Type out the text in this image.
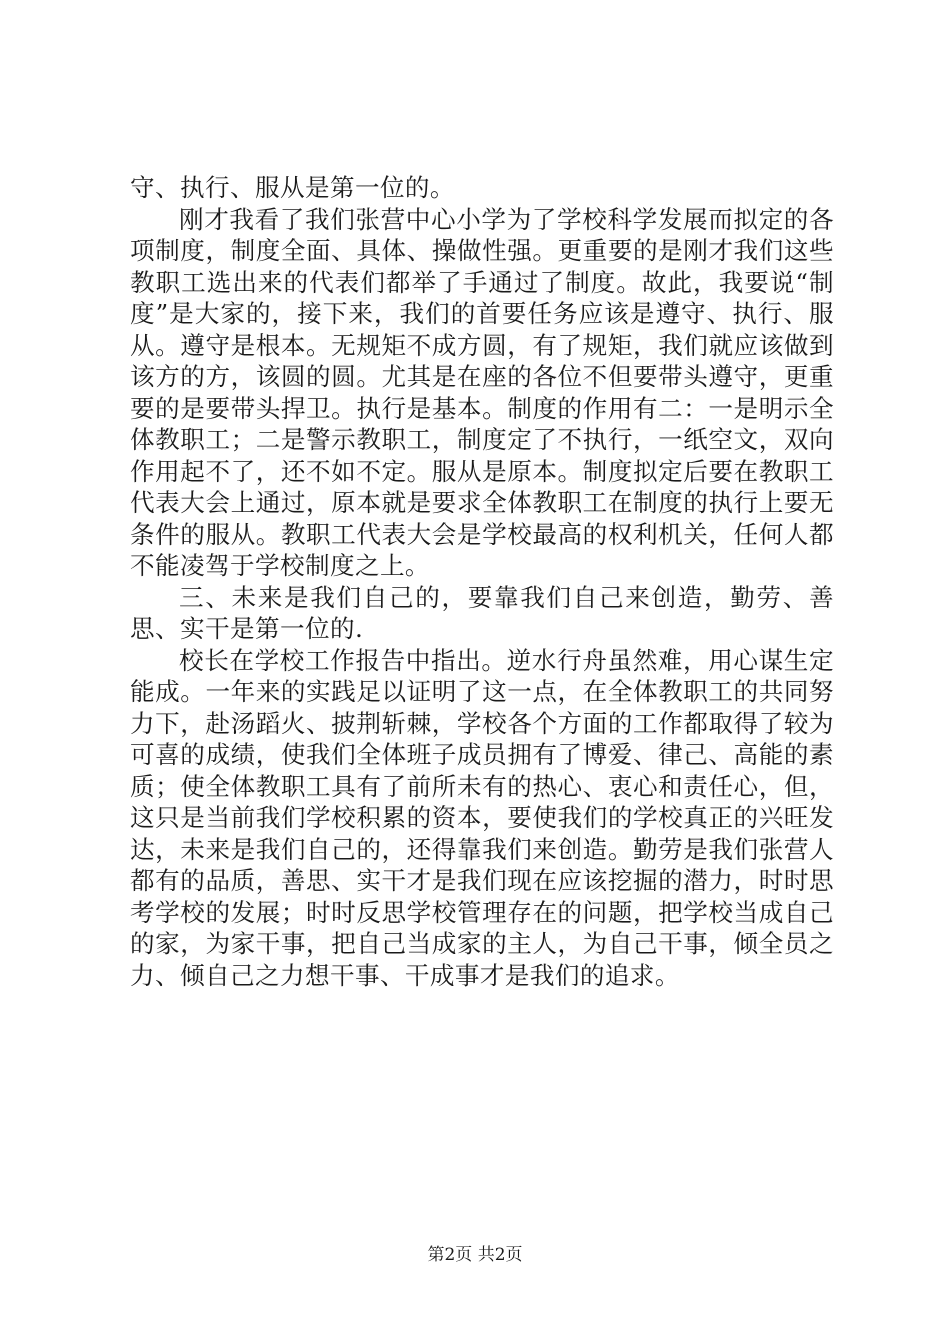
守、执行、服从是第一位的。

刚才我看了我们张营中心小学为了学校科学发展而拟定的各项制度，制度全面、具体、操做性强。更重要的是刚才我们这些教职工选出来的代表们都举了手通过了制度。故此，我要说“制度”是大家的，接下来，我们的首要任务应该是遵守、执行、服从。遵守是根本。无规矩不成方圆，有了规矩，我们就应该做到该方的方，该圆的圆。尤其是在座的各位不但要带头遵守，更重要的是要带头捍卫。执行是基本。制度的作用有二：一是明示全体教职工；二是警示教职工，制度定了不执行，一纸空文，双向作用起不了，还不如不定。服从是原本。制度拟定后要在教职工代表大会上通过，原本就是要求全体教职工在制度的执行上要无条件的服从。教职工代表大会是学校最高的权利机关，任何人都不能凌驾于学校制度之上。

三、未来是我们自己的，要靠我们自己来创造，勤劳、善思、实干是第一位的.

校长在学校工作报告中指出。逆水行舟虽然难，用心谋生定能成。一年来的实践足以证明了这一点，在全体教职工的共同努力下，赴汤蹈火、披荆斩棘，学校各个方面的工作都取得了较为可喜的成绩，使我们全体班子成员拥有了博爱、律己、高能的素质；使全体教职工具有了前所未有的热心、衷心和责任心，但，这只是当前我们学校积累的资本，要使我们的学校真正的兴旺发达，未来是我们自己的，还得靠我们来创造。勤劳是我们张营人都有的品质，善思、实干才是我们现在应该挖掘的潜力，时时思考学校的发展；时时反思学校管理存在的问题，把学校当成自己的家，为家干事，把自己当成家的主人，为自己干事，倾全员之力、倾自己之力想干事、干成事才是我们的追求。

第2页 共2页
